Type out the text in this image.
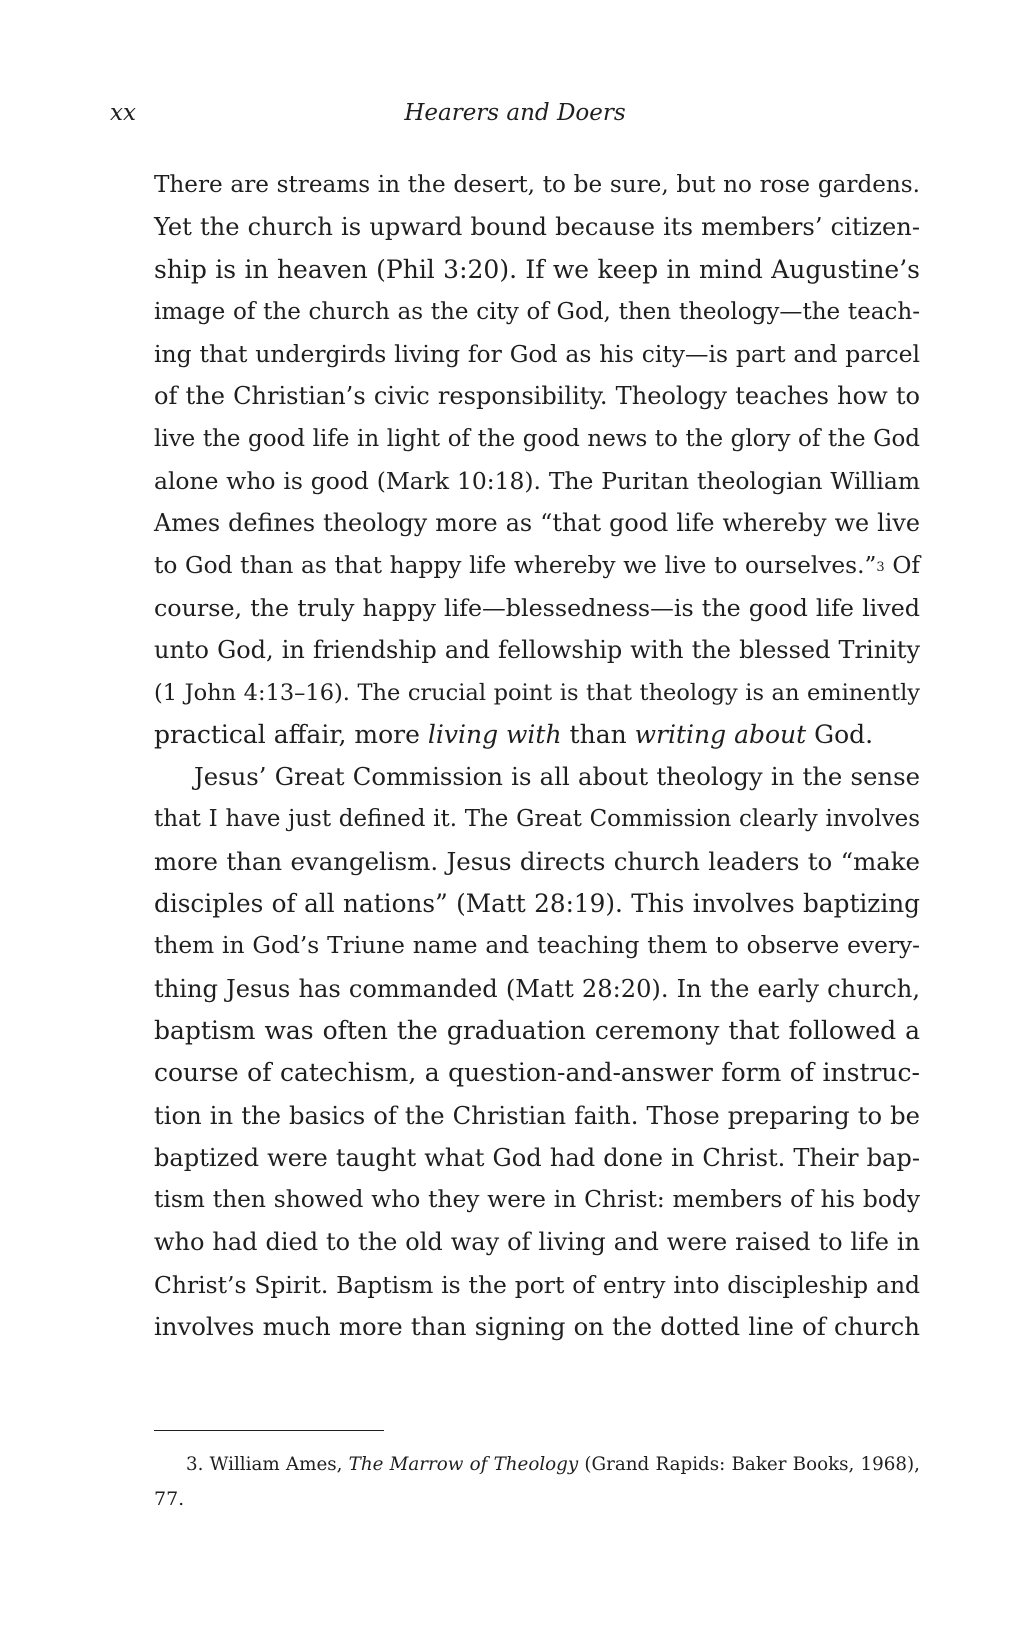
xx	Hearers and Doers
There are streams in the desert, to be sure, but no rose gardens.
Yet the church is upward bound because its members’ citizen-
ship is in heaven (Phil 3:20). If we keep in mind Augustine’s
image of the church as the city of God, then theology—the teach-
ing that undergirds living for God as his city—is part and parcel
of the Christian’s civic responsibility. Theology teaches how to
live the good life in light of the good news to the glory of the God
alone who is good (Mark 10:18). The Puritan theologian William
Ames defines theology more as “that good life whereby we live
to God than as that happy life whereby we live to ourselves.”$^3$ Of
course, the truly happy life—blessedness—is the good life lived
unto God, in friendship and fellowship with the blessed Trinity
(1 John 4:13–16). The crucial point is that theology is an eminently
practical affair, more living with than writing about God.
Jesus’ Great Commission is all about theology in the sense
that I have just defined it. The Great Commission clearly involves
more than evangelism. Jesus directs church leaders to “make
disciples of all nations” (Matt 28:19). This involves baptizing
them in God’s Triune name and teaching them to observe every-
thing Jesus has commanded (Matt 28:20). In the early church,
baptism was often the graduation ceremony that followed a
course of catechism, a question-and-answer form of instruc-
tion in the basics of the Christian faith. Those preparing to be
baptized were taught what God had done in Christ. Their bap-
tism then showed who they were in Christ: members of his body
who had died to the old way of living and were raised to life in
Christ’s Spirit. Baptism is the port of entry into discipleship and
involves much more than signing on the dotted line of church
3. William Ames, The Marrow of Theology (Grand Rapids: Baker Books, 1968),
77.
